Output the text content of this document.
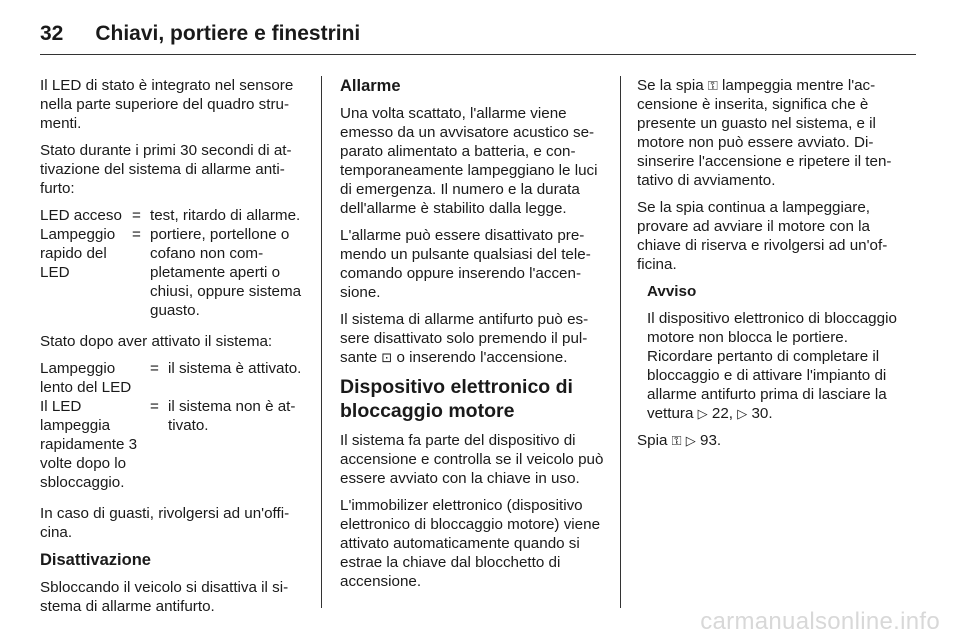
32 Chiavi, portiere e finestrini

Il LED di stato è integrato nel sensore nella parte superiore del quadro strumenti.

Stato durante i primi 30 secondi di attivazione del sistema di allarme antifurto:

LED acceso = test, ritardo di allarme.
Lampeggio rapido del LED
= portiere, portellone o cofano non completamente aperti o chiusi, oppure sistema guasto.

Stato dopo aver attivato il sistema:

Lampeggio lento del LED
= il sistema è attivato.
Il LED lampeggia rapidamente 3 volte dopo lo sbloccaggio.
= il sistema non è attivato.

In caso di guasti, rivolgersi ad un'officina.

Disattivazione

Sbloccando il veicolo si disattiva il sistema di allarme antifurto.

Allarme

Una volta scattato, l'allarme viene emesso da un avvisatore acustico separato alimentato a batteria, e contemporaneamente lampeggiano le luci di emergenza. Il numero e la durata dell'allarme è stabilito dalla legge.

L'allarme può essere disattivato premendo un pulsante qualsiasi del telecomando oppure inserendo l'accensione.

Il sistema di allarme antifurto può essere disattivato solo premendo il pulsante ⊡ o inserendo l'accensione.

Dispositivo elettronico di bloccaggio motore

Il sistema fa parte del dispositivo di accensione e controlla se il veicolo può essere avviato con la chiave in uso.

L'immobilizer elettronico (dispositivo elettronico di bloccaggio motore) viene attivato automaticamente quando si estrae la chiave dal blocchetto di accensione.

Se la spia ⚿ lampeggia mentre l'accensione è inserita, significa che è presente un guasto nel sistema, e il motore non può essere avviato. Disinserire l'accensione e ripetere il tentativo di avviamento.

Se la spia continua a lampeggiare, provare ad avviare il motore con la chiave di riserva e rivolgersi ad un'officina.

Avviso

Il dispositivo elettronico di bloccaggio motore non blocca le portiere. Ricordare pertanto di completare il bloccaggio e di attivare l'impianto di allarme antifurto prima di lasciare la vettura ▷ 22, ▷ 30.

Spia ⚿ ▷ 93.

carmanualsonline.info
